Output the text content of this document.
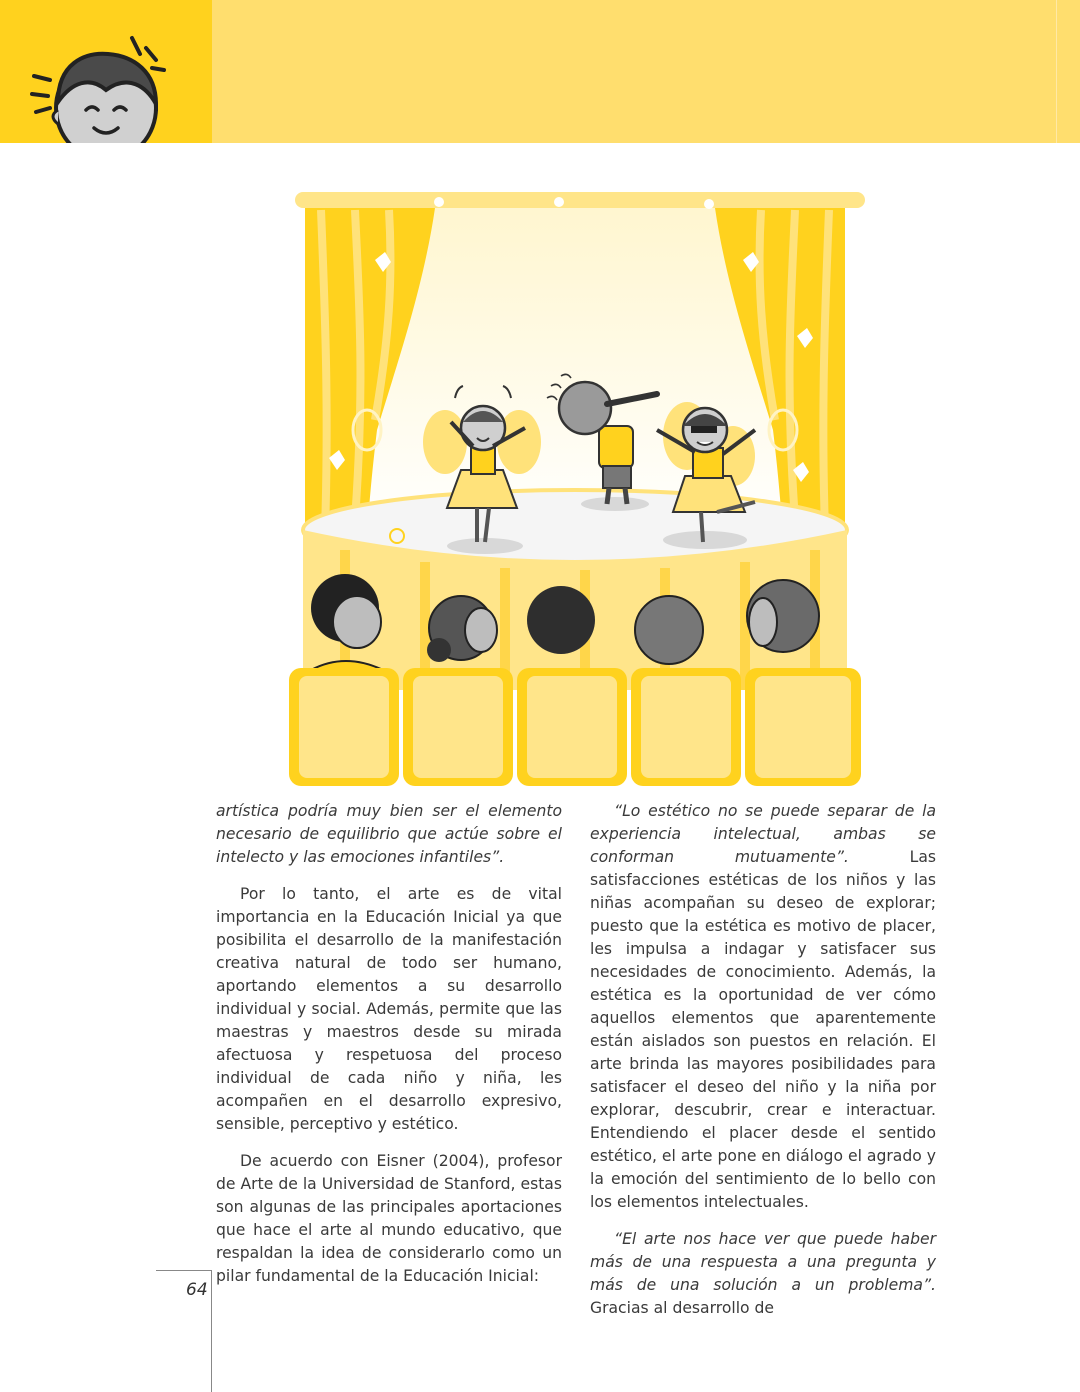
artística podría muy bien ser el elemento necesario de equilibrio que actúe sobre el intelecto y las emociones infantiles”.

Por lo tanto, el arte es de vital importancia en la Educación Inicial ya que posibilita el desarrollo de la manifestación creativa natural de todo ser humano, aportando elementos a su desarrollo individual y social. Además, permite que las maestras y maestros desde su mirada afectuosa y respetuosa del proceso individual de cada niño y niña, les acompañen en el desarrollo expresivo, sensible, perceptivo y estético.

De acuerdo con Eisner (2004), profesor de Arte de la Universidad de Stanford, estas son algunas de las principales aportaciones que hace el arte al mundo educativo, que respaldan la idea de considerarlo como un pilar fundamental de la Educación Inicial:

“Lo estético no se puede separar de la experiencia intelectual, ambas se conforman mutuamente”. Las satisfacciones estéticas de los niños y las niñas acompañan su deseo de explorar; puesto que la estética es motivo de placer, les impulsa a indagar y satisfacer sus necesidades de conocimiento. Además, la estética es la oportunidad de ver cómo aquellos elementos que aparentemente están aislados son puestos en relación. El arte brinda las mayores posibilidades para satisfacer el deseo del niño y la niña por explorar, descubrir, crear e interactuar. Entendiendo el placer desde el sentido estético, el arte pone en diálogo el agrado y la emoción del sentimiento de lo bello con los elementos intelectuales.

“El arte nos hace ver que puede haber más de una respuesta a una pregunta y más de una solución a un problema”. Gracias al desarrollo de

64
